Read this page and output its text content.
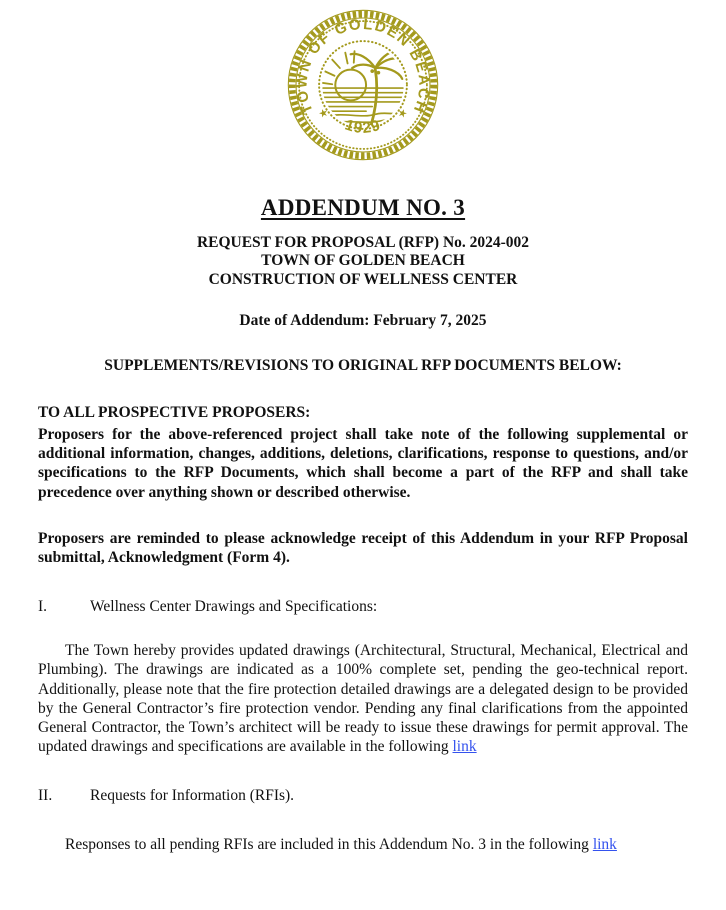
TOWN OF GOLDEN BEACH
★	★
1929
ADDENDUM NO. 3
REQUEST FOR PROPOSAL (RFP) No. 2024-002
TOWN OF GOLDEN BEACH
CONSTRUCTION OF WELLNESS CENTER
Date of Addendum: February 7, 2025
SUPPLEMENTS/REVISIONS TO ORIGINAL RFP DOCUMENTS BELOW:
TO ALL PROSPECTIVE PROPOSERS:
Proposers for the above-referenced project shall take note of the following supplemental or additional information, changes, additions, deletions, clarifications, response to questions, and/or specifications to the RFP Documents, which shall become a part of the RFP and shall take precedence over anything shown or described otherwise.
Proposers are reminded to please acknowledge receipt of this Addendum in your RFP Proposal submittal, Acknowledgment (Form 4).
I.	Wellness Center Drawings and Specifications:
The Town hereby provides updated drawings (Architectural, Structural, Mechanical, Electrical and Plumbing). The drawings are indicated as a 100% complete set, pending the geo-technical report. Additionally, please note that the fire protection detailed drawings are a delegated design to be provided by the General Contractor’s fire protection vendor. Pending any final clarifications from the appointed General Contractor, the Town’s architect will be ready to issue these drawings for permit approval. The updated drawings and specifications are available in the following link
II.	Requests for Information (RFIs).
Responses to all pending RFIs are included in this Addendum No. 3 in the following link
